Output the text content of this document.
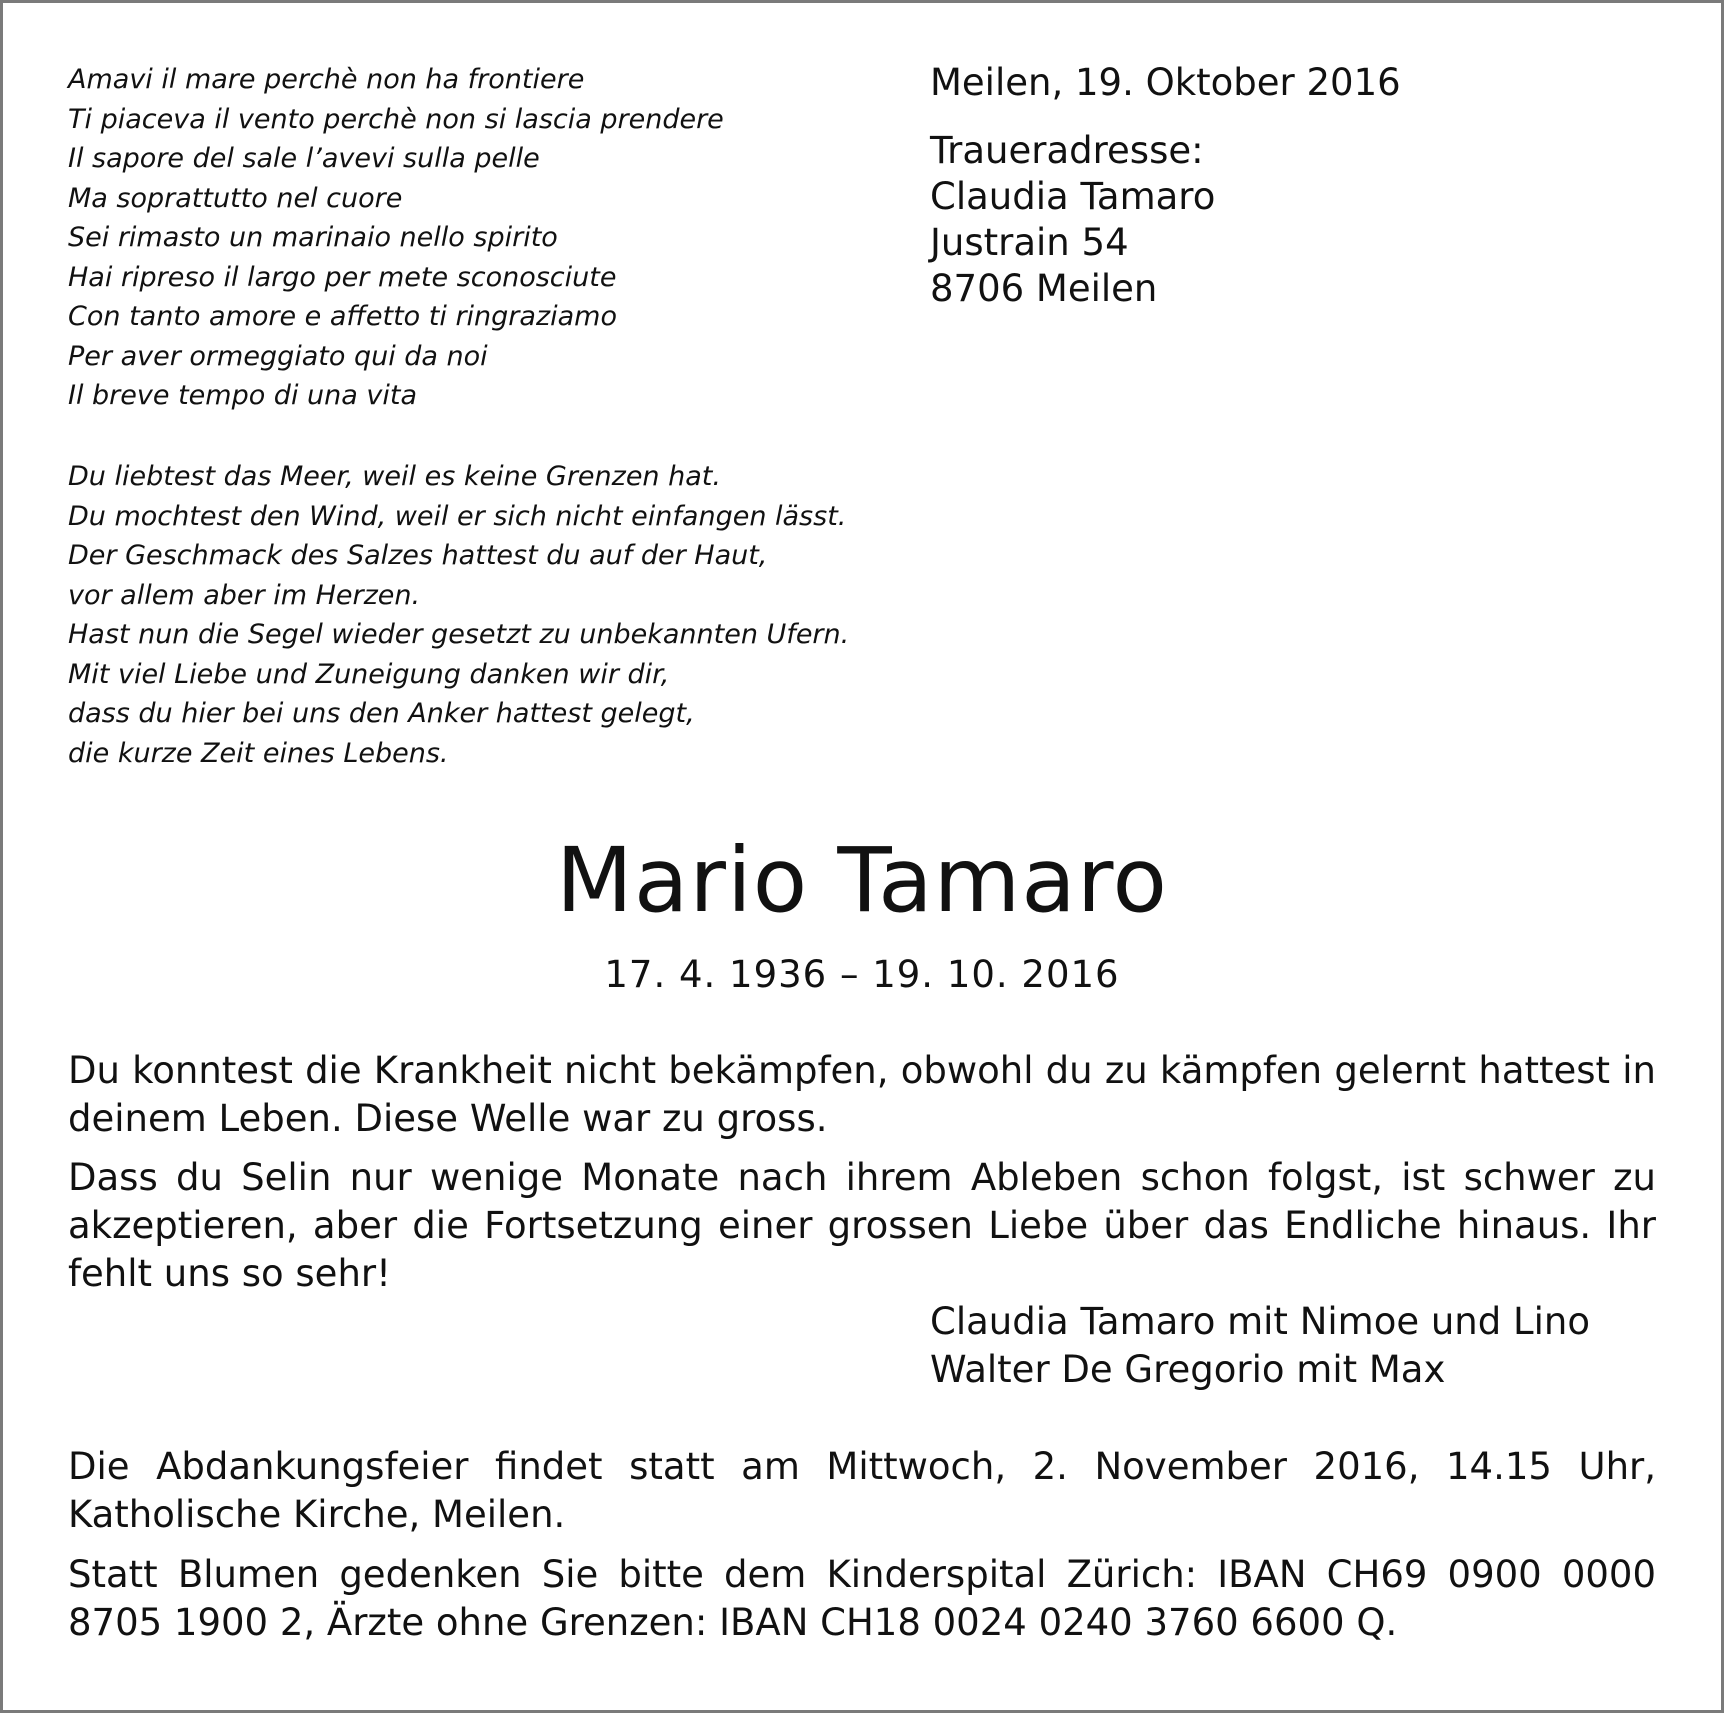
Amavi il mare perchè non ha frontiere
Ti piaceva il vento perchè non si lascia prendere
Il sapore del sale l’avevi sulla pelle
Ma soprattutto nel cuore
Sei rimasto un marinaio nello spirito
Hai ripreso il largo per mete sconosciute
Con tanto amore e affetto ti ringraziamo
Per aver ormeggiato qui da noi
Il breve tempo di una vita
Du liebtest das Meer, weil es keine Grenzen hat.
Du mochtest den Wind, weil er sich nicht einfangen lässt.
Der Geschmack des Salzes hattest du auf der Haut,
vor allem aber im Herzen.
Hast nun die Segel wieder gesetzt zu unbekannten Ufern.
Mit viel Liebe und Zuneigung danken wir dir,
dass du hier bei uns den Anker hattest gelegt,
die kurze Zeit eines Lebens.
Meilen, 19. Oktober 2016
Traueradresse:
Claudia Tamaro
Justrain 54
8706 Meilen
Mario Tamaro
17. 4. 1936 – 19. 10. 2016

Du konntest die Krankheit nicht bekämpfen, obwohl du zu kämpfen gelernt hattest in deinem Leben. Diese Welle war zu gross.

Dass du Selin nur wenige Monate nach ihrem Ableben schon folgst, ist schwer zu akzeptieren, aber die Fortsetzung einer grossen Liebe über das Endliche hinaus. Ihr fehlt uns so sehr!

Claudia Tamaro mit Nimoe und Lino
Walter De Gregorio mit Max

Die Abdankungsfeier findet statt am Mittwoch, 2. November 2016, 14.15 Uhr, Katholische Kirche, Meilen.

Statt Blumen gedenken Sie bitte dem Kinderspital Zürich: IBAN CH69 0900 0000 8705 1900 2, Ärzte ohne Grenzen: IBAN CH18 0024 0240 3760 6600 Q.
